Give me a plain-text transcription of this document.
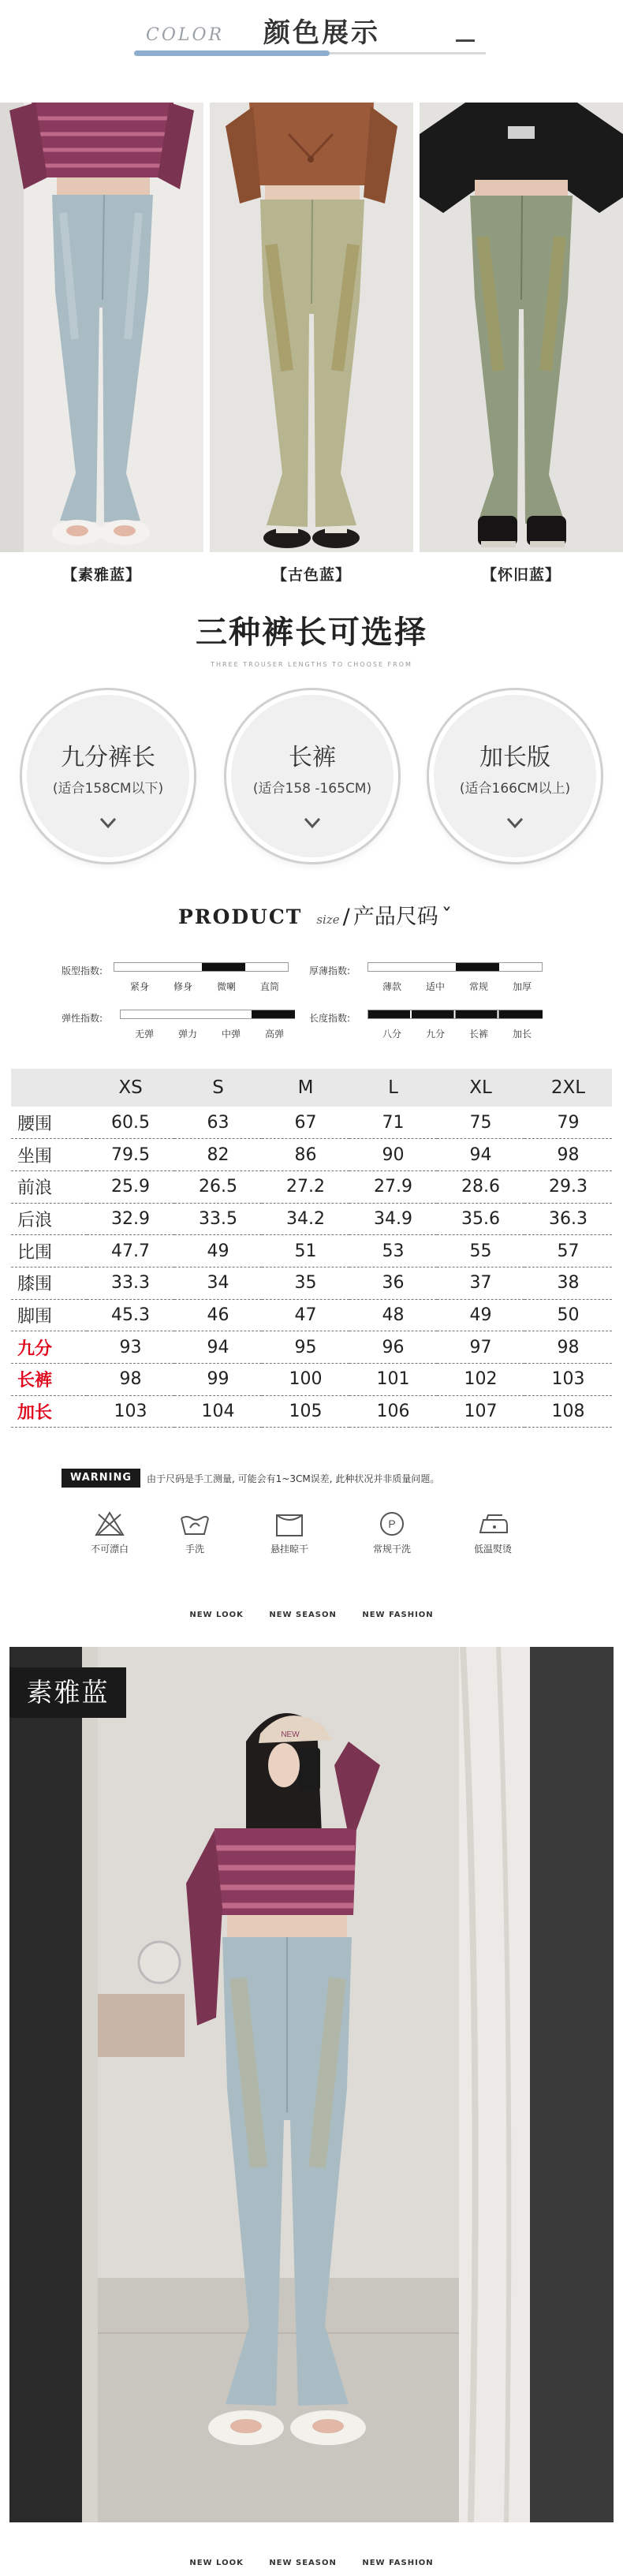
COLOR 颜色展示
【素雅蓝】	【古色蓝】	【怀旧蓝】
三种裤长可选择
THREE TROUSER LENGTHS TO CHOOSE FROM
九分裤长
(适合158CM以下)
长裤
(适合158 -165CM)
加长版
(适合166CM以上)
PRODUCT size / 产品尺码 ˇ
版型指数:
紧身	修身	微喇	直筒
厚薄指数:
薄款	适中	常规	加厚
弹性指数:
无弹	弹力	中弹	高弹
长度指数:
八分	九分	长裤	加长
	XS	S	M	L	XL	2XL
腰围	60.5	63	67	71	75	79
坐围	79.5	82	86	90	94	98
前浪	25.9	26.5	27.2	27.9	28.6	29.3
后浪	32.9	33.5	34.2	34.9	35.6	36.3
比围	47.7	49	51	53	55	57
膝围	33.3	34	35	36	37	38
脚围	45.3	46	47	48	49	50
九分	93	94	95	96	97	98
长裤	98	99	100	101	102	103
加长	103	104	105	106	107	108
WARNING	由于尺码是手工测量, 可能会有1~3CM误差, 此种状况并非质量问题。
不可漂白	手洗	悬挂晾干
P
常规干洗	低温熨烫
NEW LOOK	NEW SEASON	NEW FASHION
NEW
素雅蓝
NEW LOOK	NEW SEASON	NEW FASHION
